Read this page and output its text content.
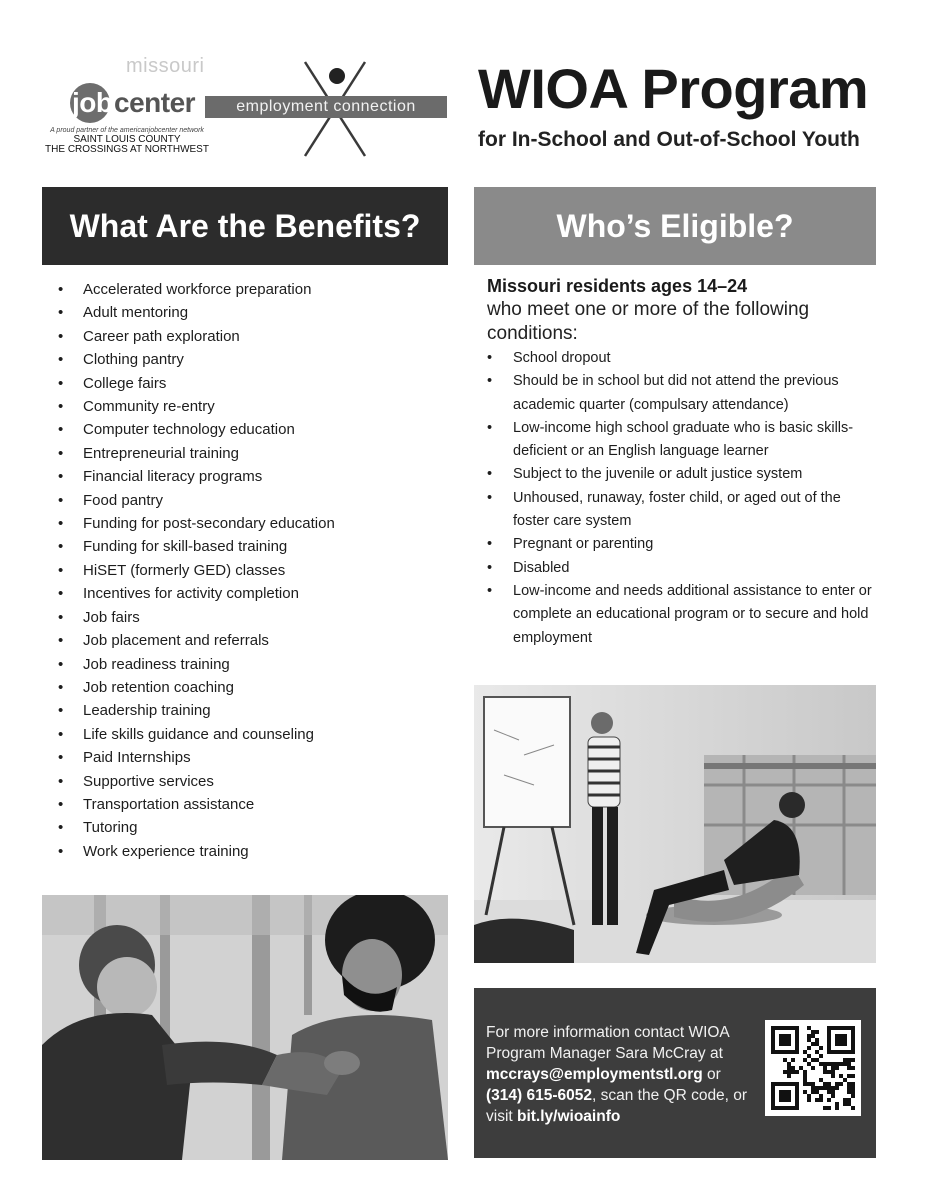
missouri
job center
A proud partner of the americanjobcenter network
SAINT LOUIS COUNTY
THE CROSSINGS AT NORTHWEST
employment connection	WIOA Program
for In-School and Out-of-School Youth
What Are the Benefits?
• Accelerated workforce preparation
• Adult mentoring
• Career path exploration
• Clothing pantry
• College fairs
• Community re-entry
• Computer technology education
• Entrepreneurial training
• Financial literacy programs
• Food pantry
• Funding for post-secondary education
• Funding for skill-based training
• HiSET (formerly GED) classes
• Incentives for activity completion
• Job fairs
• Job placement and referrals
• Job readiness training
• Job retention coaching
• Leadership training
• Life skills guidance and counseling
• Paid Internships
• Supportive services
• Transportation assistance
• Tutoring
• Work experience training
Who’s Eligible?
Missouri residents ages 14–24
who meet one or more of the following conditions:
• School dropout
• Should be in school but did not attend the previous academic quarter (compulsary attendance)
• Low-income high school graduate who is basic skills-deficient or an English language learner
• Subject to the juvenile or adult justice system
• Unhoused, runaway, foster child, or aged out of the foster care system
• Pregnant or parenting
• Disabled
• Low-income and needs additional assistance to enter or complete an educational program or to secure and hold employment
For more information contact WIOA Program Manager Sara McCray at mccrays@employmentstl.org or (314) 615-6052, scan the QR code, or visit bit.ly/wioainfo
